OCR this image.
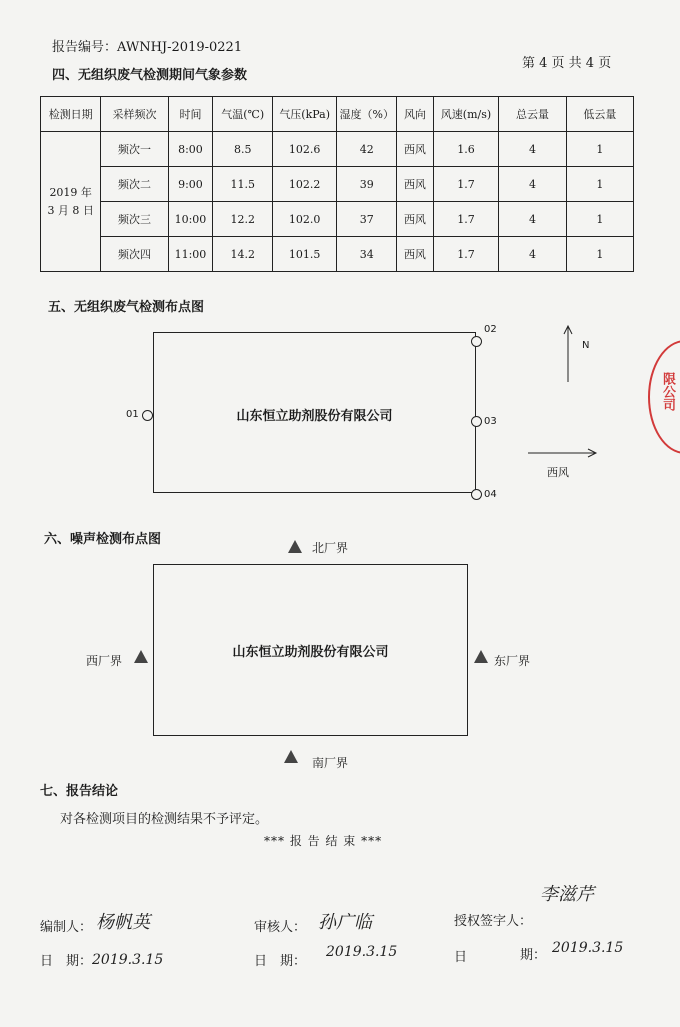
报告编号：AWNHJ-2019-0221
第 4 页 共 4 页
四、无组织废气检测期间气象参数
检测日期	采样频次	时间	气温(℃)	气压(kPa)	湿度（%）	风向	风速(m/s)	总云量	低云量
2019 年 3 月 8 日	频次一	8:00	8.5	102.6	42	西风	1.6	4	1
	频次二	9:00	11.5	102.2	39	西风	1.7	4	1
	频次三	10:00	12.2	102.0	37	西风	1.7	4	1
	频次四	11:00	14.2	101.5	34	西风	1.7	4	1
五、无组织废气检测布点图
山东恒立助剂股份有限公司
01
02
03
04
N
西风
六、噪声检测布点图
北厂界
山东恒立助剂股份有限公司
西厂界	东厂界
南厂界
七、报告结论
对各检测项目的检测结果不予评定。
*** 报 告 结 束 ***
编制人： 杨帆英	审核人： 孙广临	授权签字人：
李滋芹
日　期： 2019.3.15	日　期：
2019.3.15	日	期： 2019.3.15
限公司
